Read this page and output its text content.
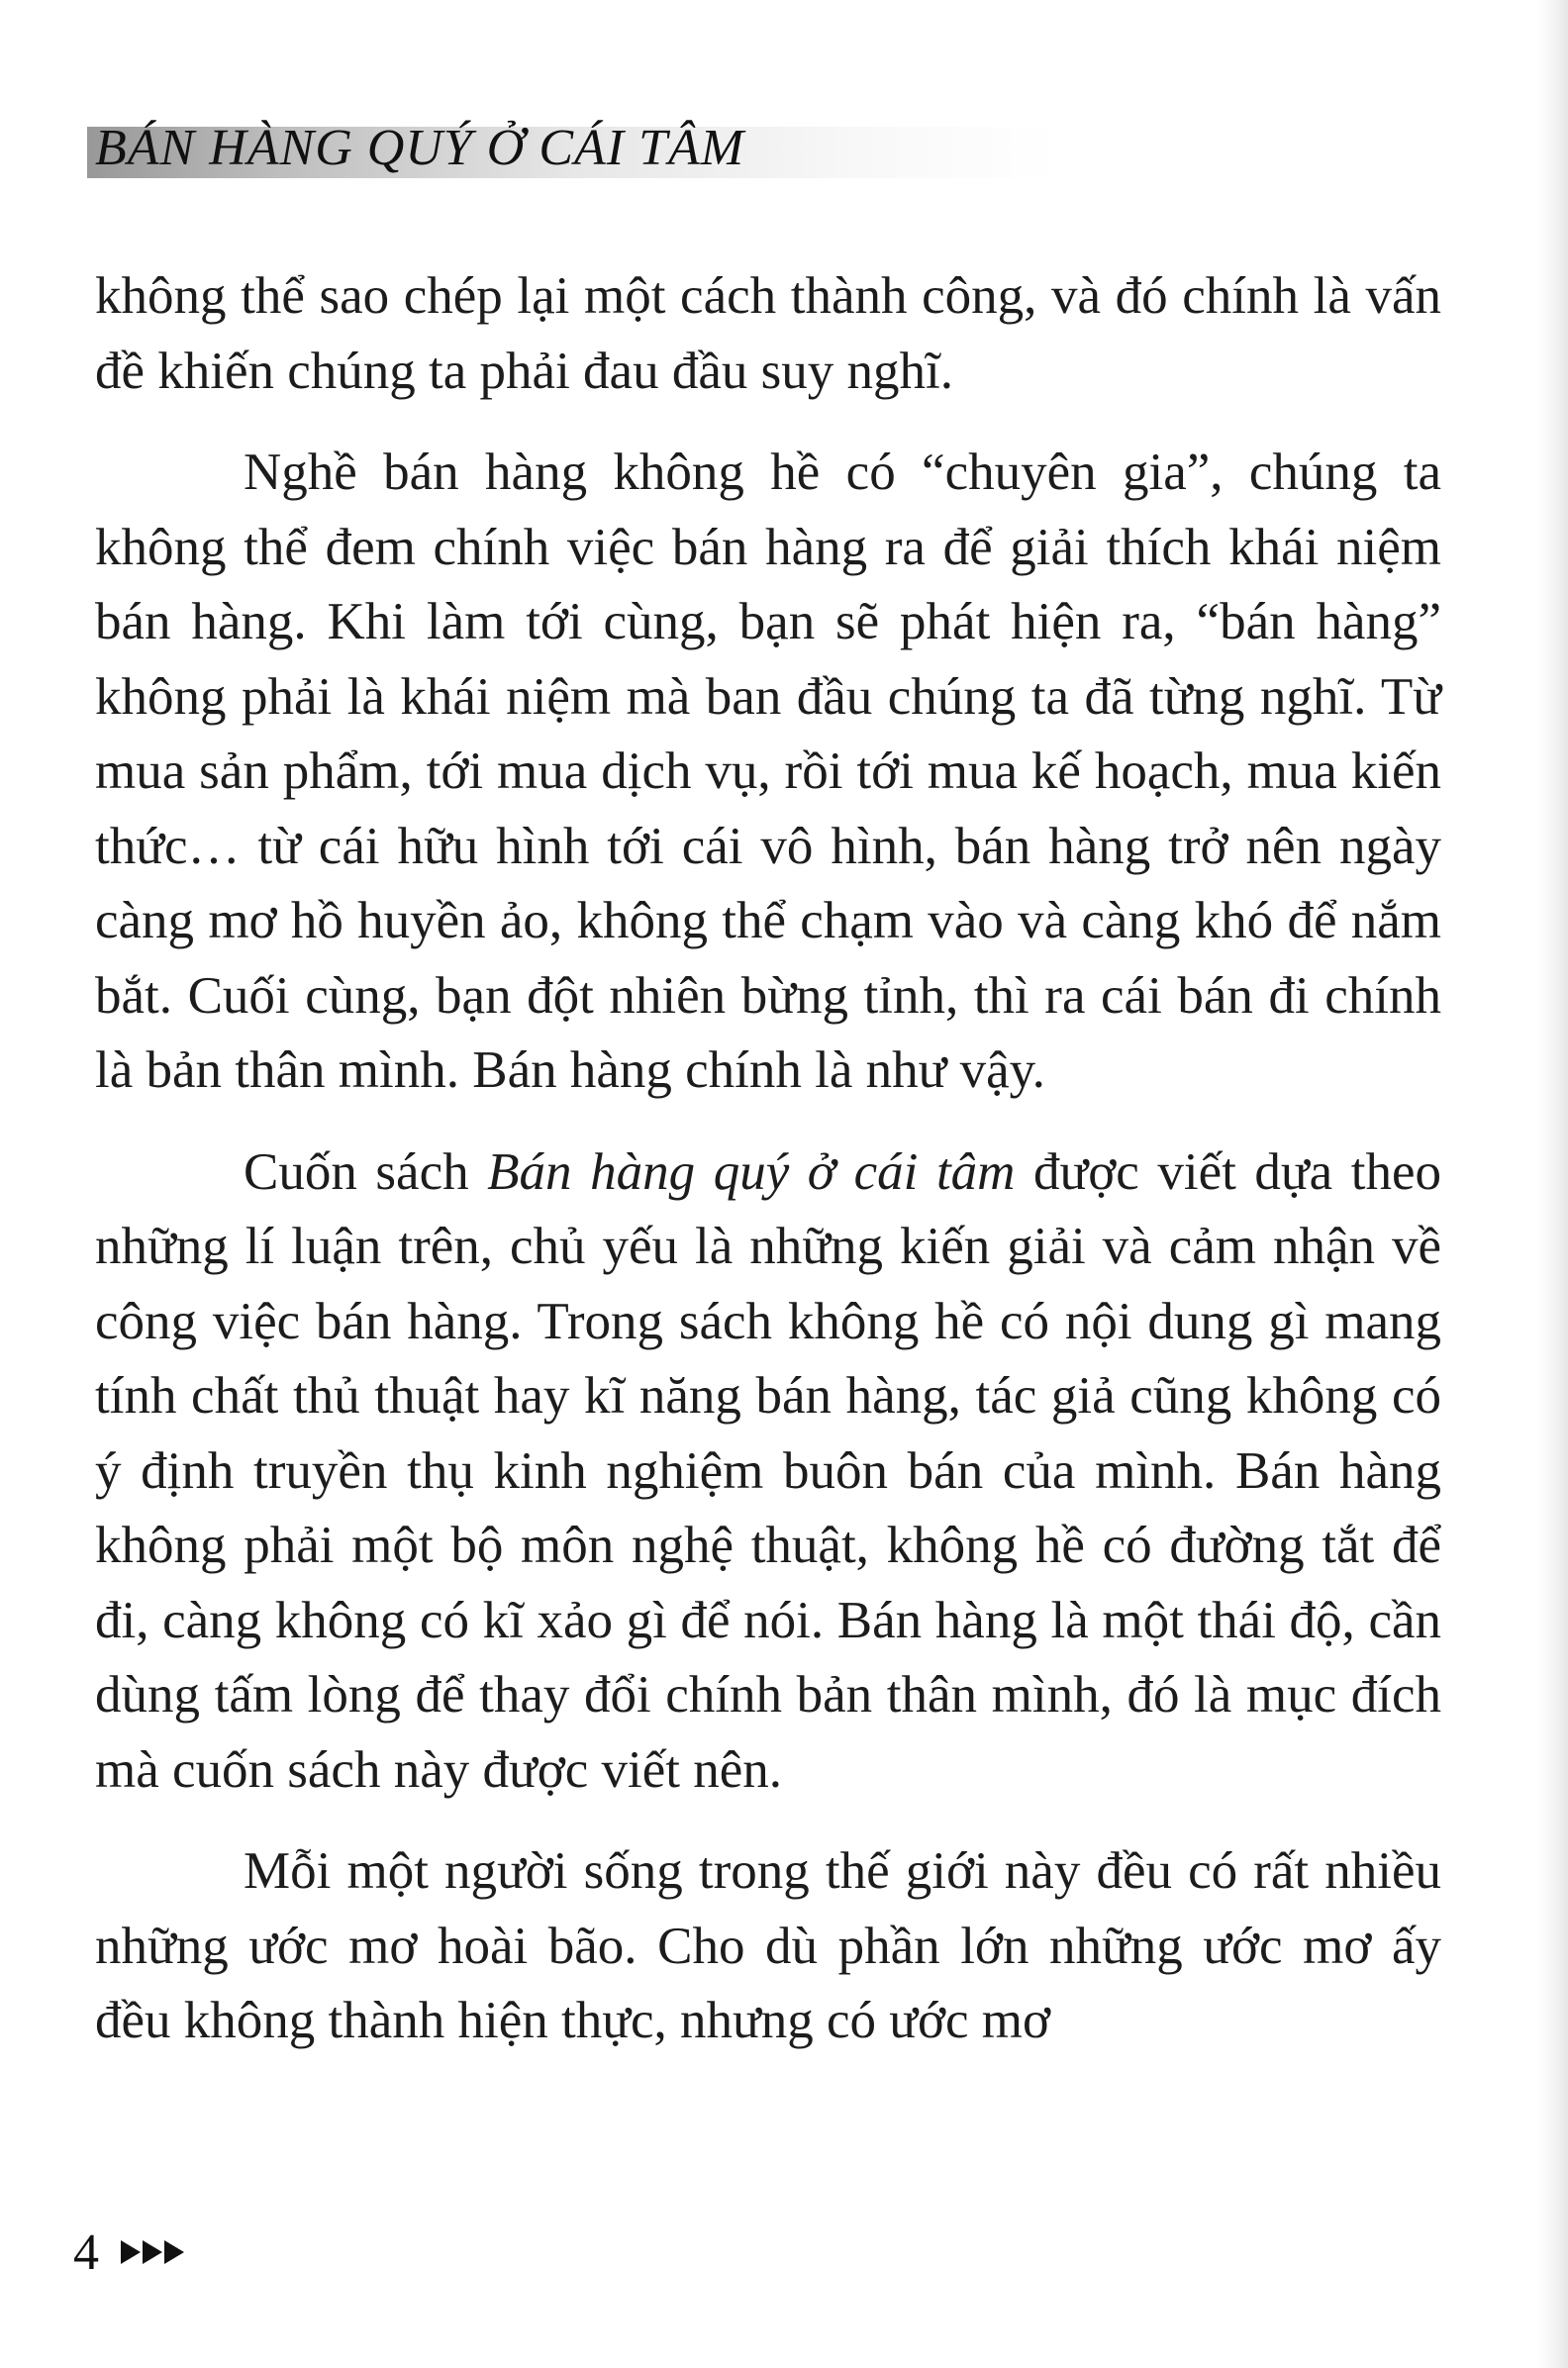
BÁN HÀNG QUÝ Ở CÁI TÂM

không thể sao chép lại một cách thành công, và đó chính là vấn đề khiến chúng ta phải đau đầu suy nghĩ.

Nghề bán hàng không hề có “chuyên gia”, chúng ta không thể đem chính việc bán hàng ra để giải thích khái niệm bán hàng. Khi làm tới cùng, bạn sẽ phát hiện ra, “bán hàng” không phải là khái niệm mà ban đầu chúng ta đã từng nghĩ. Từ mua sản phẩm, tới mua dịch vụ, rồi tới mua kế hoạch, mua kiến thức… từ cái hữu hình tới cái vô hình, bán hàng trở nên ngày càng mơ hồ huyền ảo, không thể chạm vào và càng khó để nắm bắt. Cuối cùng, bạn đột nhiên bừng tỉnh, thì ra cái bán đi chính là bản thân mình. Bán hàng chính là như vậy.

Cuốn sách Bán hàng quý ở cái tâm được viết dựa theo những lí luận trên, chủ yếu là những kiến giải và cảm nhận về công việc bán hàng. Trong sách không hề có nội dung gì mang tính chất thủ thuật hay kĩ năng bán hàng, tác giả cũng không có ý định truyền thụ kinh nghiệm buôn bán của mình. Bán hàng không phải một bộ môn nghệ thuật, không hề có đường tắt để đi, càng không có kĩ xảo gì để nói. Bán hàng là một thái độ, cần dùng tấm lòng để thay đổi chính bản thân mình, đó là mục đích mà cuốn sách này được viết nên.

Mỗi một người sống trong thế giới này đều có rất nhiều những ước mơ hoài bão. Cho dù phần lớn những ước mơ ấy đều không thành hiện thực, nhưng có ước mơ

4
